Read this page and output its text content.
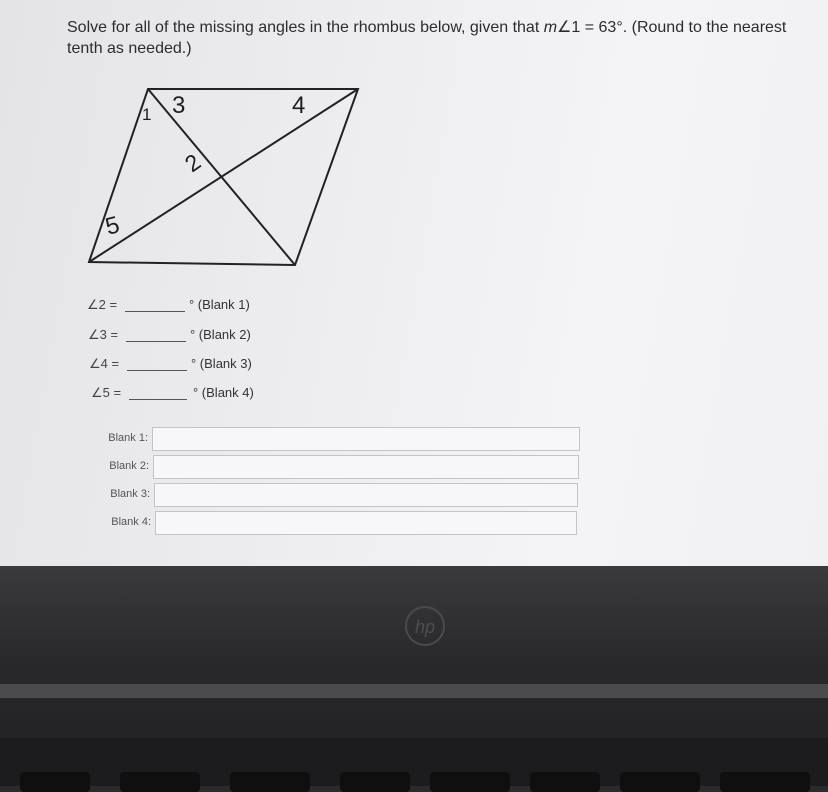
Solve for all of the missing angles in the rhombus below, given that m∠1 = 63°. (Round to the nearest tenth as needed.)
1 3	4
2
5
∠2 =	° (Blank 1)
∠3 =	° (Blank 2)
∠4 =	° (Blank 3)
∠5 =	° (Blank 4)
Blank 1:
Blank 2:
Blank 3:
Blank 4:
hp
